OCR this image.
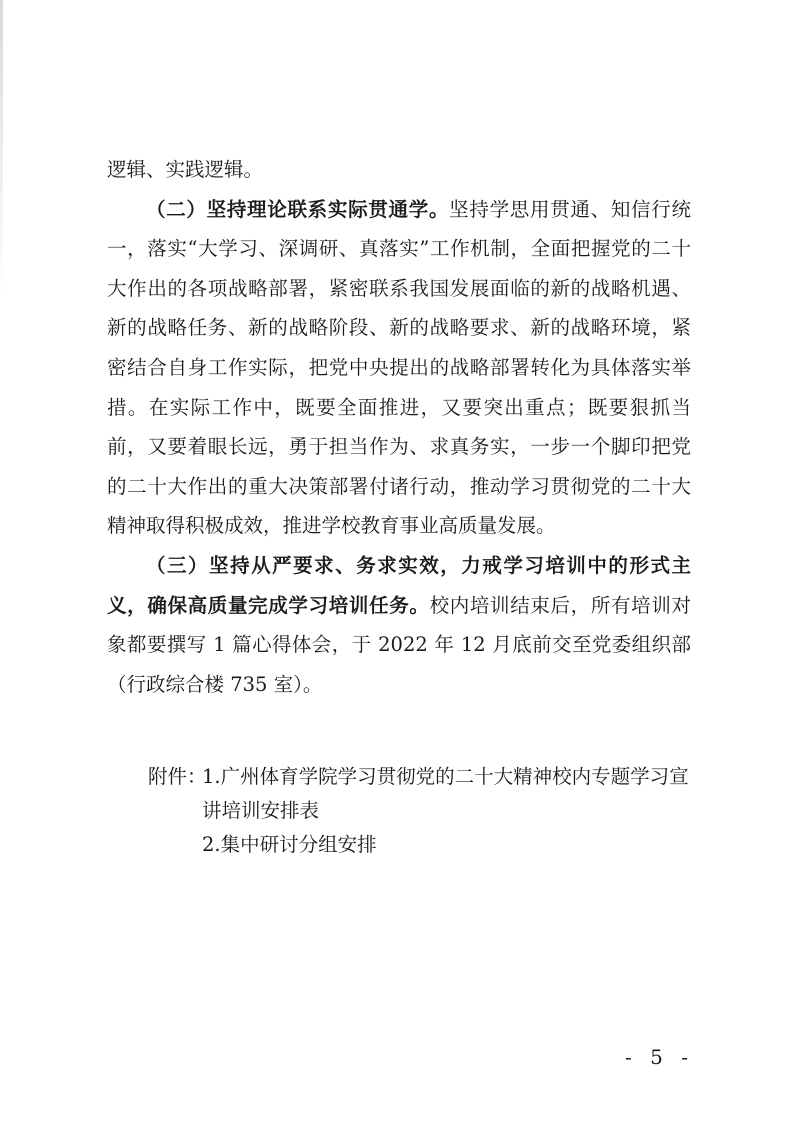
逻辑、实践逻辑。

（二）坚持理论联系实际贯通学。坚持学思用贯通、知信行统一，落实“大学习、深调研、真落实”工作机制，全面把握党的二十大作出的各项战略部署，紧密联系我国发展面临的新的战略机遇、新的战略任务、新的战略阶段、新的战略要求、新的战略环境，紧密结合自身工作实际，把党中央提出的战略部署转化为具体落实举措。在实际工作中，既要全面推进，又要突出重点；既要狠抓当前，又要着眼长远，勇于担当作为、求真务实，一步一个脚印把党的二十大作出的重大决策部署付诸行动，推动学习贯彻党的二十大精神取得积极成效，推进学校教育事业高质量发展。

（三）坚持从严要求、务求实效，力戒学习培训中的形式主义，确保高质量完成学习培训任务。校内培训结束后，所有培训对象都要撰写 1 篇心得体会，于 2022 年 12 月底前交至党委组织部（行政综合楼 735 室）。

附件：

1.广州体育学院学习贯彻党的二十大精神校内专题学习宣讲培训安排表

2.集中研讨分组安排

- 5 -
